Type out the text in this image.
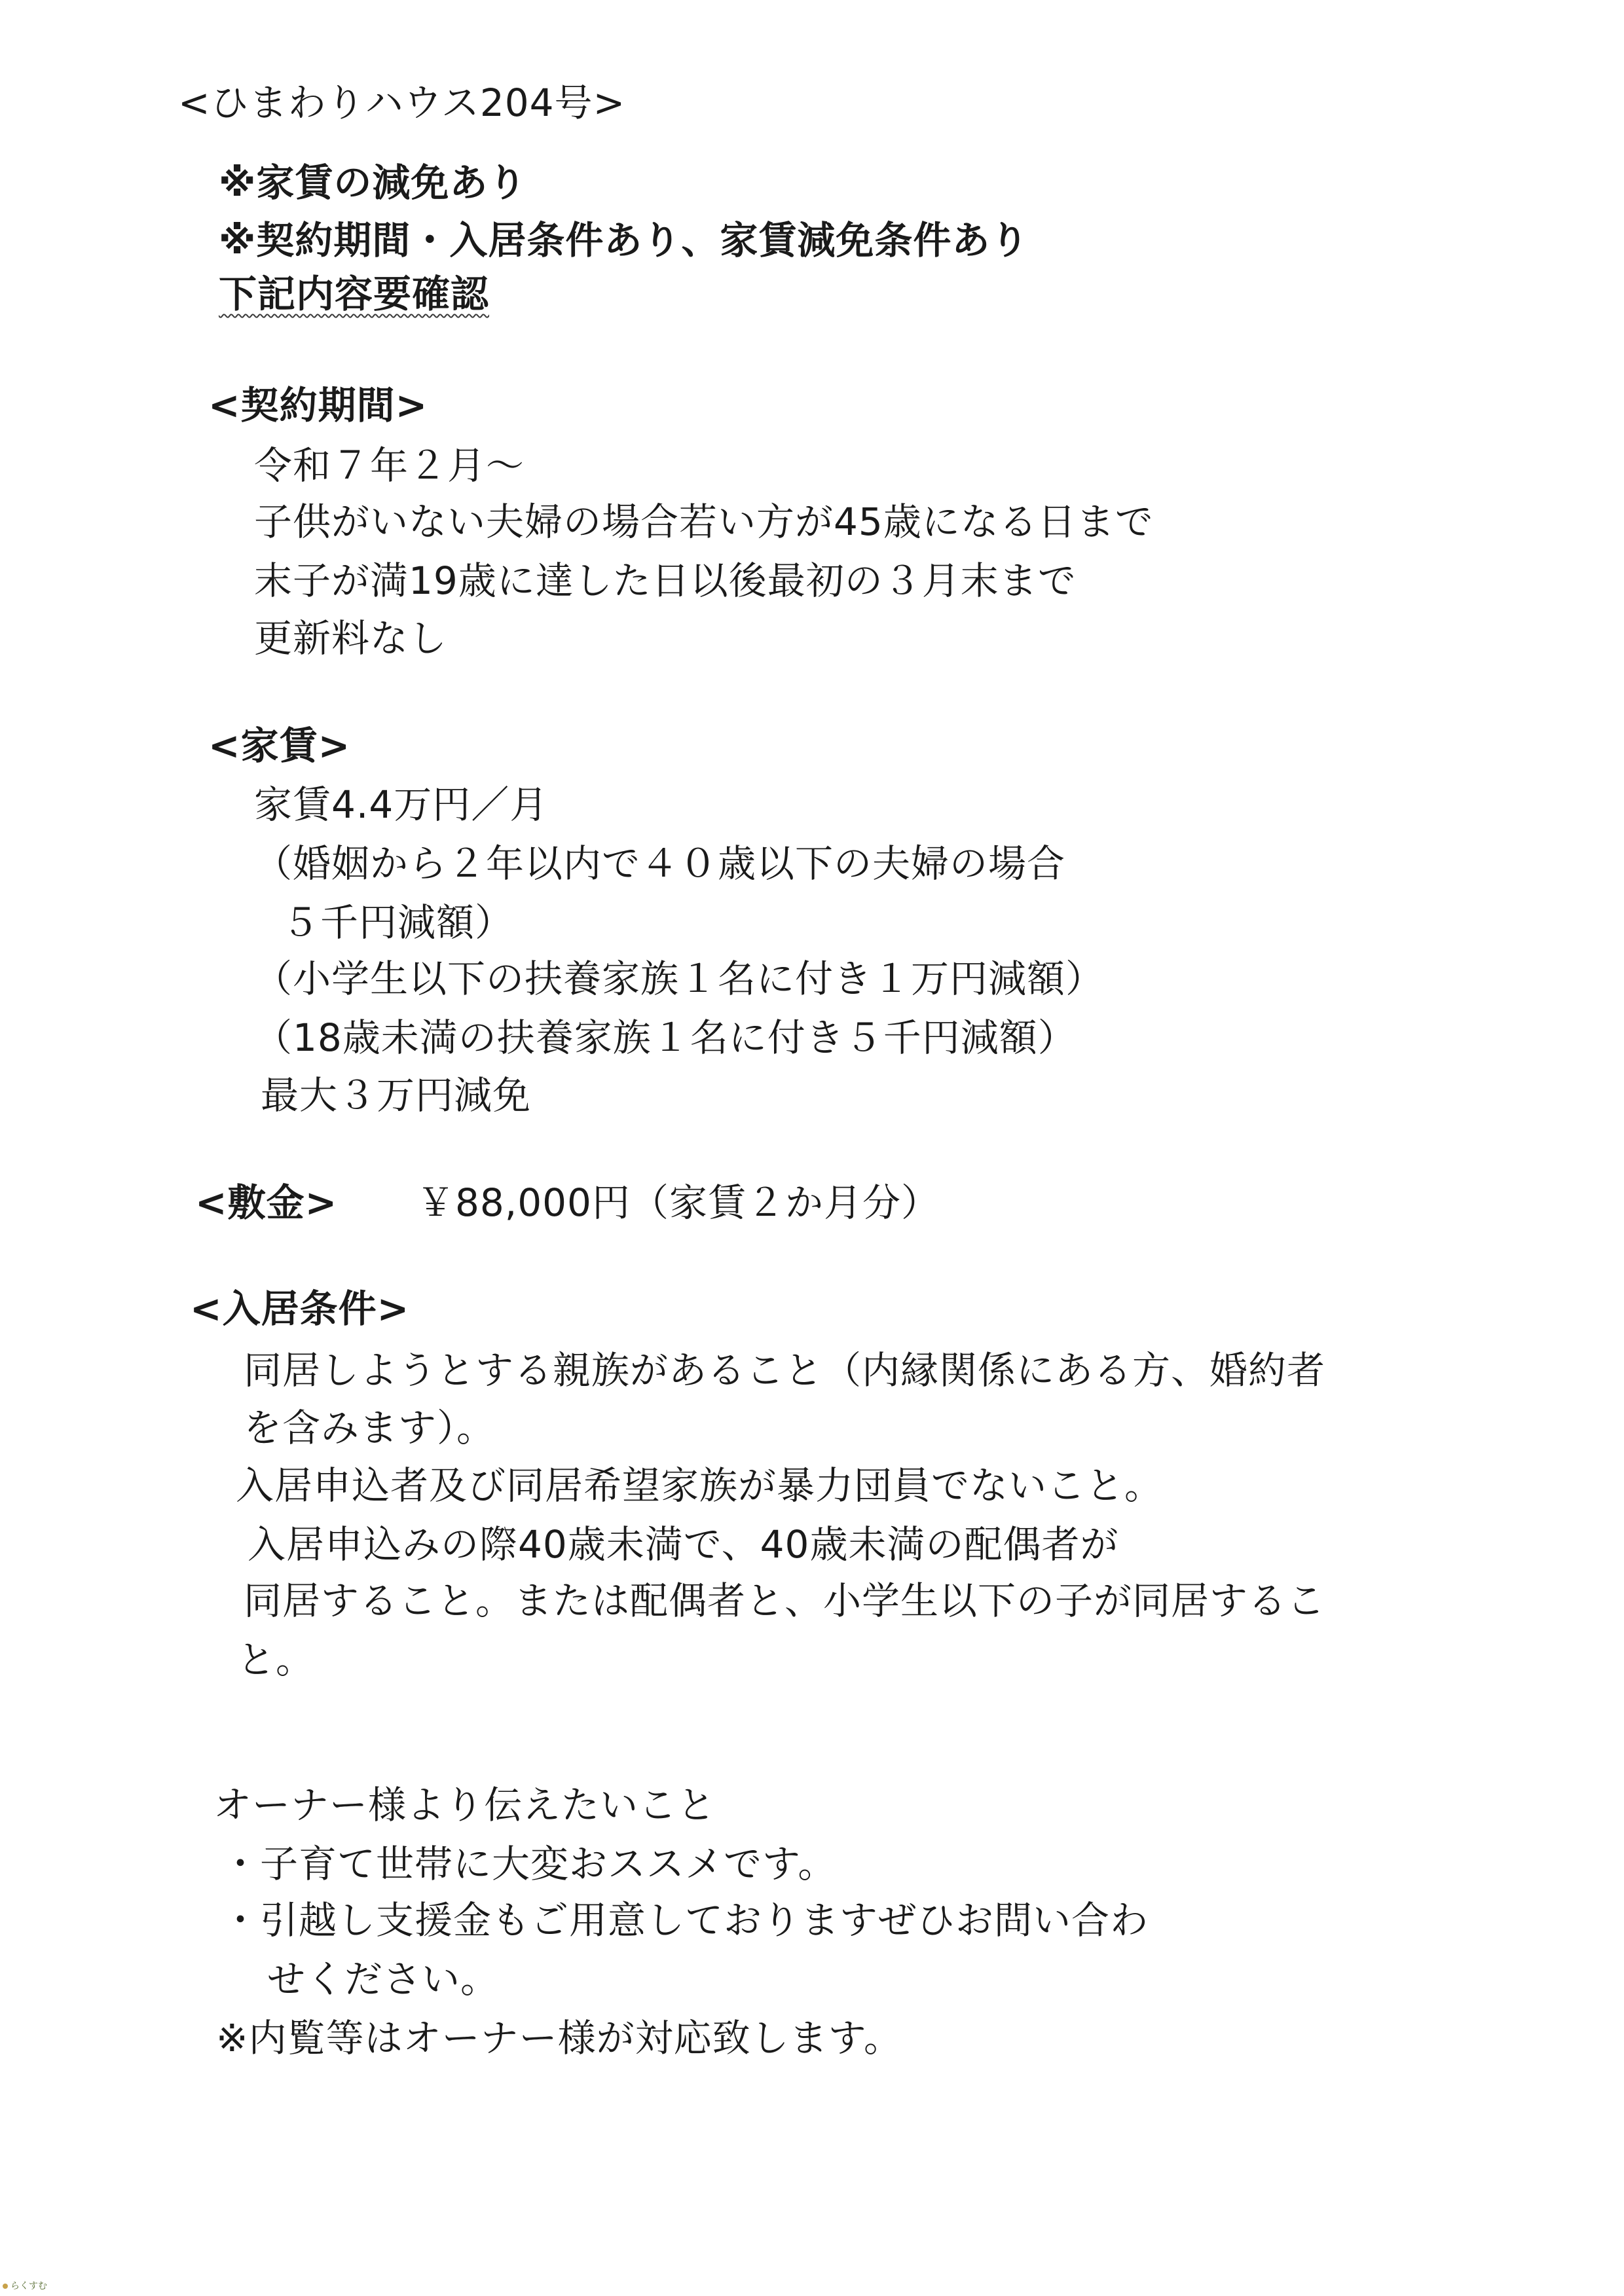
<ひまわりハウス204号>
※家賃の減免あり
※契約期間・入居条件あり、家賃減免条件あり
下記内容要確認
<契約期間>
令和７年２月～
子供がいない夫婦の場合若い方が45歳になる日まで
末子が満19歳に達した日以後最初の３月末まで
更新料なし
<家賃>
家賃4.4万円／月
（婚姻から２年以内で４０歳以下の夫婦の場合
５千円減額）
（小学生以下の扶養家族１名に付き１万円減額）
（18歳未満の扶養家族１名に付き５千円減額）
最大３万円減免
<敷金> ￥88,000円（家賃２か月分）
<入居条件>
同居しようとする親族があること（内縁関係にある方、婚約者
を含みます）。
入居申込者及び同居希望家族が暴力団員でないこと。
入居申込みの際40歳未満で、40歳未満の配偶者が
同居すること。または配偶者と、小学生以下の子が同居するこ
と。
オーナー様より伝えたいこと
・子育て世帯に大変おススメです。
・引越し支援金もご用意しておりますぜひお問い合わ
せください。
※内覧等はオーナー様が対応致します。
らくすむ
